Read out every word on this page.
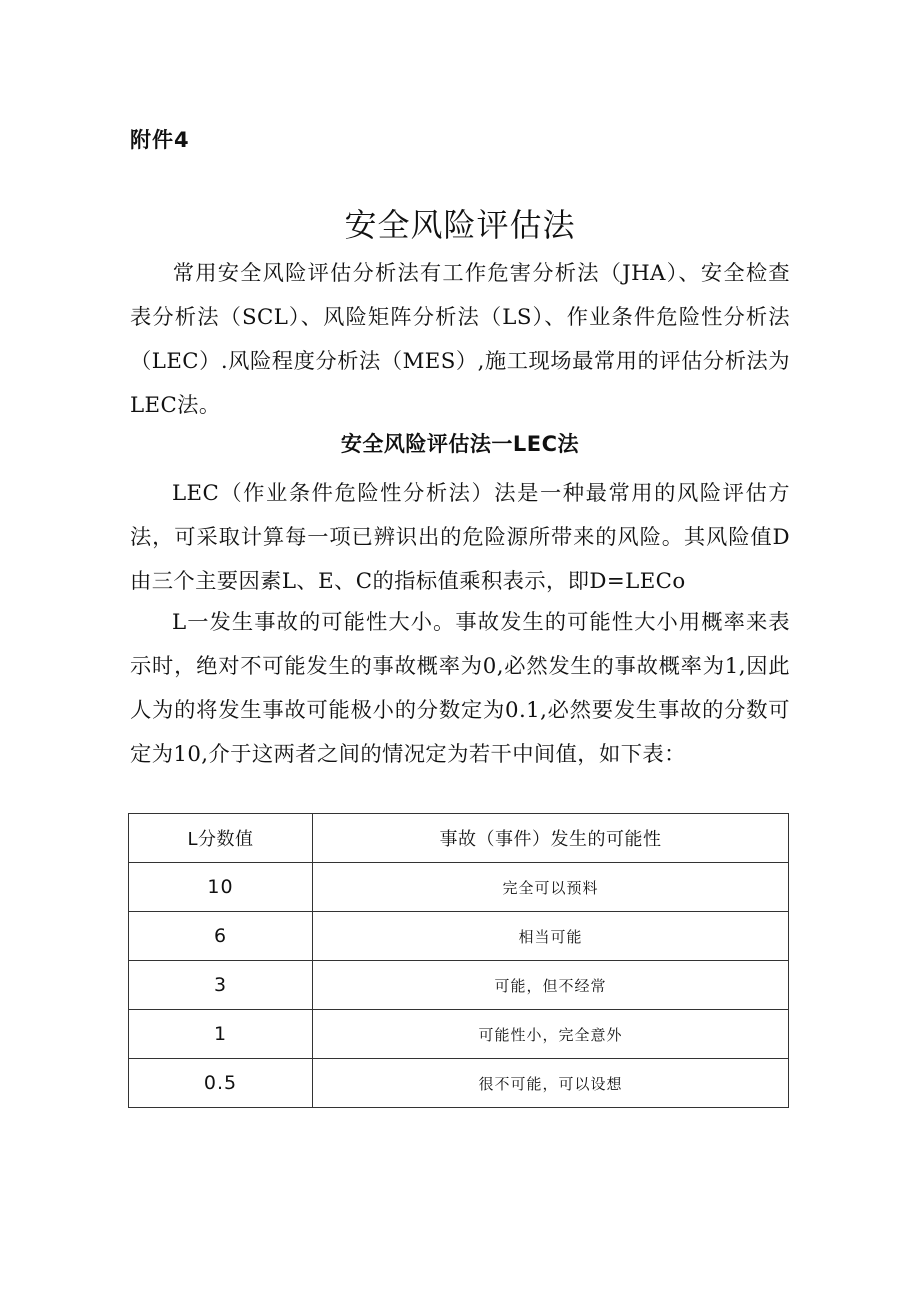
附件4
安全风险评估法

常用安全风险评估分析法有工作危害分析法（JHA）、安全检查表分析法（SCL）、风险矩阵分析法（LS）、作业条件危险性分析法（LEC）.风险程度分析法（MES）,施工现场最常用的评估分析法为LEC法。

安全风险评估法一LEC法

LEC（作业条件危险性分析法）法是一种最常用的风险评估方法，可采取计算每一项已辨识出的危险源所带来的风险。其风险值D由三个主要因素L、E、C的指标值乘积表示，即D=LECo

L一发生事故的可能性大小。事故发生的可能性大小用概率来表示时，绝对不可能发生的事故概率为0,必然发生的事故概率为1,因此人为的将发生事故可能极小的分数定为0.1,必然要发生事故的分数可定为10,介于这两者之间的情况定为若干中间值，如下表：

L分数值	事故（事件）发生的可能性
10	完全可以预料
6	相当可能
3	可能，但不经常
1	可能性小，完全意外
0.5	很不可能，可以设想
